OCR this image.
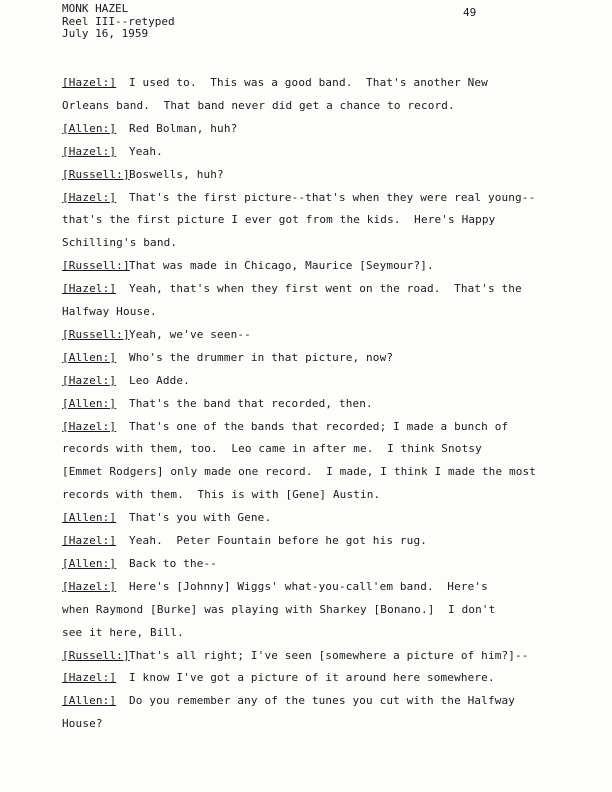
MONK HAZEL
Reel III--retyped
July 16, 1959
49
[Hazel:] I used to.  This was a good band.  That's another New
Orleans band.  That band never did get a chance to record.
[Allen:] Red Bolman, huh?
[Hazel:] Yeah.
[Russell:] Boswells, huh?
[Hazel:] That's the first picture--that's when they were real young--
that's the first picture I ever got from the kids.  Here's Happy
Schilling's band.
[Russell:] That was made in Chicago, Maurice [Seymour?].
[Hazel:] Yeah, that's when they first went on the road.  That's the
Halfway House.
[Russell:] Yeah, we've seen--
[Allen:] Who's the drummer in that picture, now?
[Hazel:] Leo Adde.
[Allen:] That's the band that recorded, then.
[Hazel:] That's one of the bands that recorded; I made a bunch of
records with them, too.  Leo came in after me.  I think Snotsy
[Emmet Rodgers] only made one record.  I made, I think I made the most
records with them.  This is with [Gene] Austin.
[Allen:] That's you with Gene.
[Hazel:] Yeah.  Peter Fountain before he got his rug.
[Allen:] Back to the--
[Hazel:] Here's [Johnny] Wiggs' what-you-call'em band.  Here's
when Raymond [Burke] was playing with Sharkey [Bonano.]  I don't
see it here, Bill.
[Russell:] That's all right; I've seen [somewhere a picture of him?]--
[Hazel:] I know I've got a picture of it around here somewhere.
[Allen:] Do you remember any of the tunes you cut with the Halfway
House?
